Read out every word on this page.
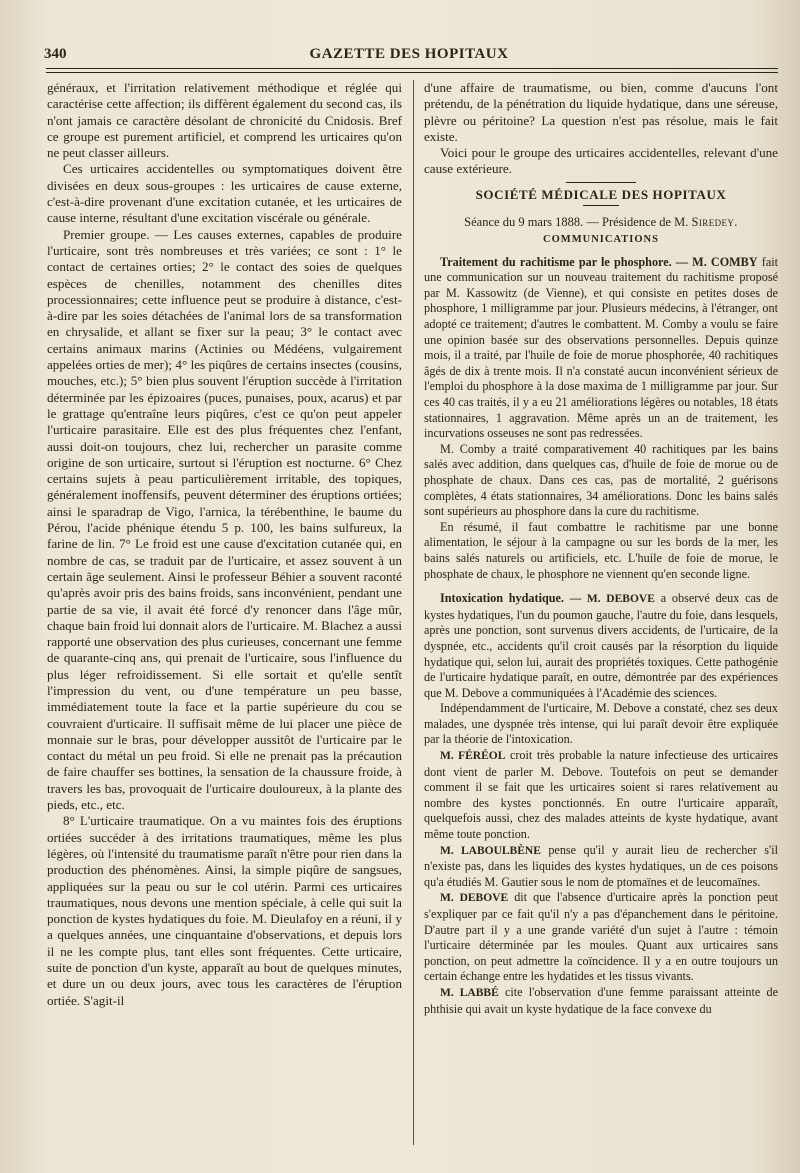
340	GAZETTE DES HOPITAUX

généraux, et l'irritation relativement méthodique et réglée qui caractérise cette affection; ils diffèrent également du second cas, ils n'ont jamais ce caractère désolant de chronicité du Cnidosis. Bref ce groupe est purement artificiel, et comprend les urticaires qu'on ne peut classer ailleurs.

Ces urticaires accidentelles ou symptomatiques doivent être divisées en deux sous-groupes : les urticaires de cause externe, c'est-à-dire provenant d'une excitation cutanée, et les urticaires de cause interne, résultant d'une excitation viscérale ou générale.

Premier groupe. — Les causes externes, capables de produire l'urticaire, sont très nombreuses et très variées; ce sont : 1° le contact de certaines orties; 2° le contact des soies de quelques espèces de chenilles, notamment des chenilles dites processionnaires; cette influence peut se produire à distance, c'est-à-dire par les soies détachées de l'animal lors de sa transformation en chrysalide, et allant se fixer sur la peau; 3° le contact avec certains animaux marins (Actinies ou Médéens, vulgairement appelées orties de mer); 4° les piqûres de certains insectes (cousins, mouches, etc.); 5° bien plus souvent l'éruption succède à l'irritation déterminée par les épizoaires (puces, punaises, poux, acarus) et par le grattage qu'entraîne leurs piqûres, c'est ce qu'on peut appeler l'urticaire parasitaire. Elle est des plus fréquentes chez l'enfant, aussi doit-on toujours, chez lui, rechercher un parasite comme origine de son urticaire, surtout si l'éruption est nocturne. 6° Chez certains sujets à peau particulièrement irritable, des topiques, généralement inoffensifs, peuvent déterminer des éruptions ortiées; ainsi le sparadrap de Vigo, l'arnica, la térébenthine, le baume du Pérou, l'acide phénique étendu 5 p. 100, les bains sulfureux, la farine de lin. 7° Le froid est une cause d'excitation cutanée qui, en nombre de cas, se traduit par de l'urticaire, et assez souvent à un certain âge seulement. Ainsi le professeur Béhier a souvent raconté qu'après avoir pris des bains froids, sans inconvénient, pendant une partie de sa vie, il avait été forcé d'y renoncer dans l'âge mûr, chaque bain froid lui donnait alors de l'urticaire. M. Blachez a aussi rapporté une observation des plus curieuses, concernant une femme de quarante-cinq ans, qui prenait de l'urticaire, sous l'influence du plus léger refroidissement. Si elle sortait et qu'elle sentît l'impression du vent, ou d'une température un peu basse, immédiatement toute la face et la partie supérieure du cou se couvraient d'urticaire. Il suffisait même de lui placer une pièce de monnaie sur le bras, pour développer aussitôt de l'urticaire par le contact du métal un peu froid. Si elle ne prenait pas la précaution de faire chauffer ses bottines, la sensation de la chaussure froide, à travers les bas, provoquait de l'urticaire douloureux, à la plante des pieds, etc., etc.

8° L'urticaire traumatique. On a vu maintes fois des éruptions ortiées succéder à des irritations traumatiques, même les plus légères, où l'intensité du traumatisme paraît n'être pour rien dans la production des phénomènes. Ainsi, la simple piqûre de sangsues, appliquées sur la peau ou sur le col utérin. Parmi ces urticaires traumatiques, nous devons une mention spéciale, à celle qui suit la ponction de kystes hydatiques du foie. M. Dieulafoy en a réuni, il y a quelques années, une cinquantaine d'observations, et depuis lors il ne les compte plus, tant elles sont fréquentes. Cette urticaire, suite de ponction d'un kyste, apparaît au bout de quelques minutes, et dure un ou deux jours, avec tous les caractères de l'éruption ortiée. S'agit-il

d'une affaire de traumatisme, ou bien, comme d'aucuns l'ont prétendu, de la pénétration du liquide hydatique, dans une séreuse, plèvre ou péritoine? La question n'est pas résolue, mais le fait existe.

Voici pour le groupe des urticaires accidentelles, relevant d'une cause extérieure.

SOCIÉTÉ MÉDICALE DES HOPITAUX
Séance du 9 mars 1888. — Présidence de M. Siredey.
COMMUNICATIONS

Traitement du rachitisme par le phosphore. — M. COMBY fait une communication sur un nouveau traitement du rachitisme proposé par M. Kassowitz (de Vienne), et qui consiste en petites doses de phosphore, 1 milligramme par jour. Plusieurs médecins, à l'étranger, ont adopté ce traitement; d'autres le combattent. M. Comby a voulu se faire une opinion basée sur des observations personnelles. Depuis quinze mois, il a traité, par l'huile de foie de morue phosphorée, 40 rachitiques âgés de dix à trente mois. Il n'a constaté aucun inconvénient sérieux de l'emploi du phosphore à la dose maxima de 1 milligramme par jour. Sur ces 40 cas traités, il y a eu 21 améliorations légères ou notables, 18 états stationnaires, 1 aggravation. Même après un an de traitement, les incurvations osseuses ne sont pas redressées.

M. Comby a traité comparativement 40 rachitiques par les bains salés avec addition, dans quelques cas, d'huile de foie de morue ou de phosphate de chaux. Dans ces cas, pas de mortalité, 2 guérisons complètes, 4 états stationnaires, 34 améliorations. Donc les bains salés sont supérieurs au phosphore dans la cure du rachitisme.

En résumé, il faut combattre le rachitisme par une bonne alimentation, le séjour à la campagne ou sur les bords de la mer, les bains salés naturels ou artificiels, etc. L'huile de foie de morue, le phosphate de chaux, le phosphore ne viennent qu'en seconde ligne.

Intoxication hydatique. — M. DEBOVE a observé deux cas de kystes hydatiques, l'un du poumon gauche, l'autre du foie, dans lesquels, après une ponction, sont survenus divers accidents, de l'urticaire, de la dyspnée, etc., accidents qu'il croit causés par la résorption du liquide hydatique qui, selon lui, aurait des propriétés toxiques. Cette pathogénie de l'urticaire hydatique paraît, en outre, démontrée par des expériences que M. Debove a communiquées à l'Académie des sciences.

Indépendamment de l'urticaire, M. Debove a constaté, chez ses deux malades, une dyspnée très intense, qui lui paraît devoir être expliquée par la théorie de l'intoxication.

M. FÉRÉOL croit très probable la nature infectieuse des urticaires dont vient de parler M. Debove. Toutefois on peut se demander comment il se fait que les urticaires soient si rares relativement au nombre des kystes ponctionnés. En outre l'urticaire apparaît, quelquefois aussi, chez des malades atteints de kyste hydatique, avant même toute ponction.

M. LABOULBÈNE pense qu'il y aurait lieu de rechercher s'il n'existe pas, dans les liquides des kystes hydatiques, un de ces poisons qu'a étudiés M. Gautier sous le nom de ptomaïnes et de leucomaïnes.

M. DEBOVE dit que l'absence d'urticaire après la ponction peut s'expliquer par ce fait qu'il n'y a pas d'épanchement dans le péritoine. D'autre part il y a une grande variété d'un sujet à l'autre : témoin l'urticaire déterminée par les moules. Quant aux urticaires sans ponction, on peut admettre la coïncidence. Il y a en outre toujours un certain échange entre les hydatides et les tissus vivants.

M. LABBÉ cite l'observation d'une femme paraissant atteinte de phthisie qui avait un kyste hydatique de la face convexe du
